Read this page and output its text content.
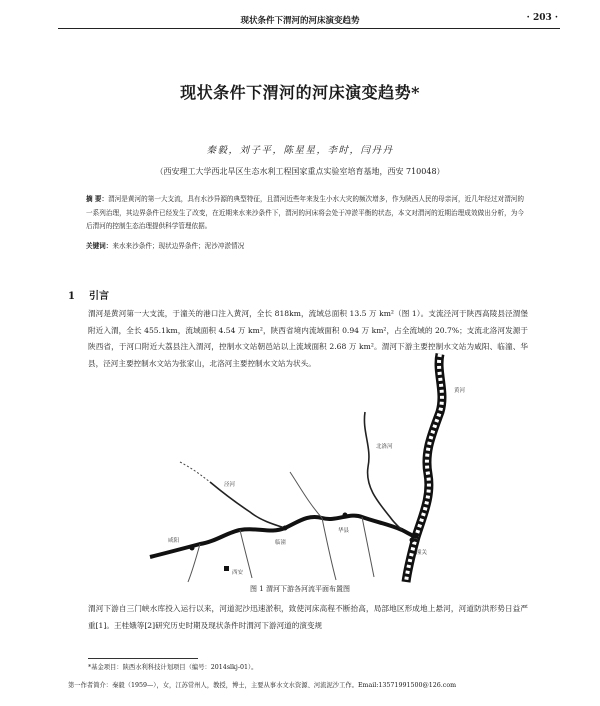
现状条件下渭河的河床演变趋势	· 203 ·
现状条件下渭河的河床演变趋势*
秦毅，刘子平，陈星星，李时，闫丹丹
（西安理工大学西北旱区生态水利工程国家重点实验室培育基地，西安 710048）
摘 要：渭河是黄河的第一大支流，具有水沙异源的典型特征，且渭河近些年来发生小水大灾的频次增多，作为陕西人民的母亲河，近几年经过对渭河的一系列治理，其边界条件已经发生了改变，在近期来水来沙条件下，渭河的河床将会处于冲淤平衡的状态，本文对渭河的近期治理成效做出分析，为今后渭河的控制生态治理提供科学管理依据。
关键词：来水来沙条件；现状边界条件；泥沙冲淤情况
1 引言
渭河是黄河第一大支流，于潼关的港口注入黄河，全长 818km，流域总面积 13.5 万 km²（图 1）。支流泾河于陕西高陵县泾渭堡附近入渭，全长 455.1km，流域面积 4.54 万 km²，陕西省境内流域面积 0.94 万 km²，占全流域的 20.7%；支流北洛河发源于陕西省，于河口附近大荔县注入渭河，控制水文站朝邑站以上流域面积 2.68 万 km²。渭河下游主要控制水文站为咸阳、临潼、华县，泾河主要控制水文站为张家山，北洛河主要控制水文站为状头。
黄河
西安
咸阳	临潼
华县
潼关
泾河
北洛河
图 1 渭河下游各河流平面布置图
渭河下游自三门峡水库投入运行以来，河道泥沙迅速淤积，致使河床高程不断抬高，局部地区形成地上悬河，河道防洪形势日益严重[1]。王桂娥等[2]研究历史时期及现状条件时渭河下游河道的演变规
*基金项目：陕西水利科技计划项目（编号：2014slkj-01）。
第一作者简介：秦毅（1959—），女，江苏常州人，教授，博士，主要从事水文水资源、河流泥沙工作。Email:13571991500@126.com
